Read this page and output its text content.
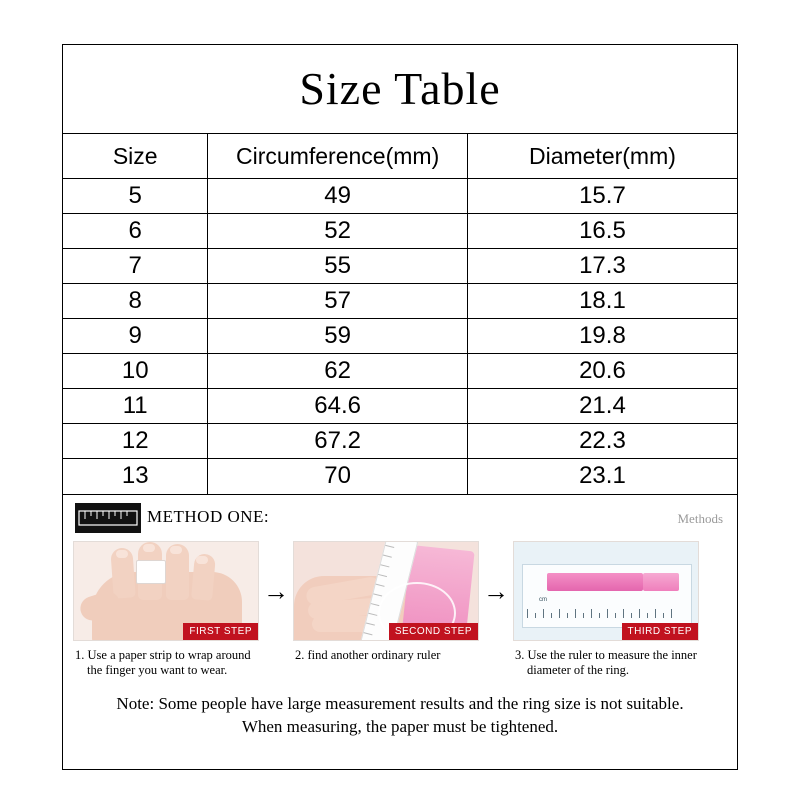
Size Table
Size	Circumference(mm)	Diameter(mm)
5	49	15.7
6	52	16.5
7	55	17.3
8	57	18.1
9	59	19.8
10	62	20.6
11	64.6	21.4
12	67.2	22.3
13	70	23.1
METHOD ONE:	Methods
FIRST STEP
1. Use a paper strip to wrap around
the finger you want to wear.
→
SECOND STEP
2. find another ordinary ruler
→	cm
THIRD STEP
3. Use the ruler to measure the inner
diameter of the ring.
Note: Some people have large measurement results and the ring size is not suitable.
When measuring, the paper must be tightened.
